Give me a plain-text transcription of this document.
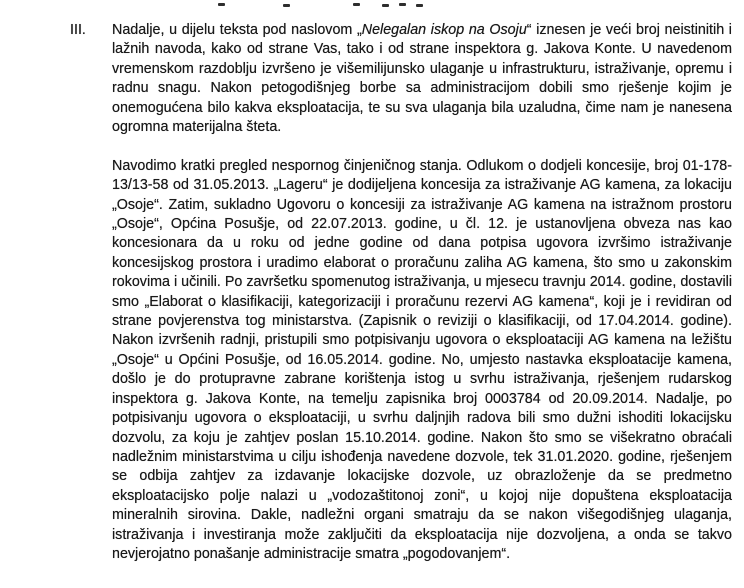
III. Nadalje, u dijelu teksta pod naslovom „Nelegalan iskop na Osoju“ iznesen je veći broj neistinitih i lažnih navoda, kako od strane Vas, tako i od strane inspektora g. Jakova Konte. U navedenom vremenskom razdoblju izvršeno je višemilijunsko ulaganje u infrastrukturu, istraživanje, opremu i radnu snagu. Nakon petogodišnjeg borbe sa administracijom dobili smo rješenje kojim je onemogućena bilo kakva eksploatacija, te su sva ulaganja bila uzaludna, čime nam je nanesena ogromna materijalna šteta.

Navodimo kratki pregled nespornog činjeničnog stanja. Odlukom o dodjeli koncesije, broj 01-178-13/13-58 od 31.05.2013. „Lageru“ je dodijeljena koncesija za istraživanje AG kamena, za lokaciju „Osoje“. Zatim, sukladno Ugovoru o koncesiji za istraživanje AG kamena na istražnom prostoru „Osoje“, Općina Posušje, od 22.07.2013. godine, u čl. 12. je ustanovljena obveza nas kao koncesionara da u roku od jedne godine od dana potpisa ugovora izvršimo istraživanje koncesijskog prostora i uradimo elaborat o proračunu zaliha AG kamena, što smo u zakonskim rokovima i učinili. Po završetku spomenutog istraživanja, u mjesecu travnju 2014. godine, dostavili smo „Elaborat o klasifikaciji, kategorizaciji i proračunu rezervi AG kamena“, koji je i revidiran od strane povjerenstva tog ministarstva. (Zapisnik o reviziji o klasifikaciji, od 17.04.2014. godine). Nakon izvršenih radnji, pristupili smo potpisivanju ugovora o eksploataciji AG kamena na ležištu „Osoje“ u Općini Posušje, od 16.05.2014. godine. No, umjesto nastavka eksploatacije kamena, došlo je do protupravne zabrane korištenja istog u svrhu istraživanja, rješenjem rudarskog inspektora g. Jakova Konte, na temelju zapisnika broj 0003784 od 20.09.2014. Nadalje, po potpisivanju ugovora o eksploataciji, u svrhu daljnjih radova bili smo dužni ishoditi lokacijsku dozvolu, za koju je zahtjev poslan 15.10.2014. godine. Nakon što smo se višekratno obraćali nadležnim ministarstvima u cilju ishođenja navedene dozvole, tek 31.01.2020. godine, rješenjem se odbija zahtjev za izdavanje lokacijske dozvole, uz obrazloženje da se predmetno eksploatacijsko polje nalazi u „vodozaštitonoj zoni“, u kojoj nije dopuštena eksploatacija mineralnih sirovina. Dakle, nadležni organi smatraju da se nakon višegodišnjeg ulaganja, istraživanja i investiranja može zaključiti da eksploatacija nije dozvoljena, a onda se takvo nevjerojatno ponašanje administracije smatra „pogodovanjem“.
